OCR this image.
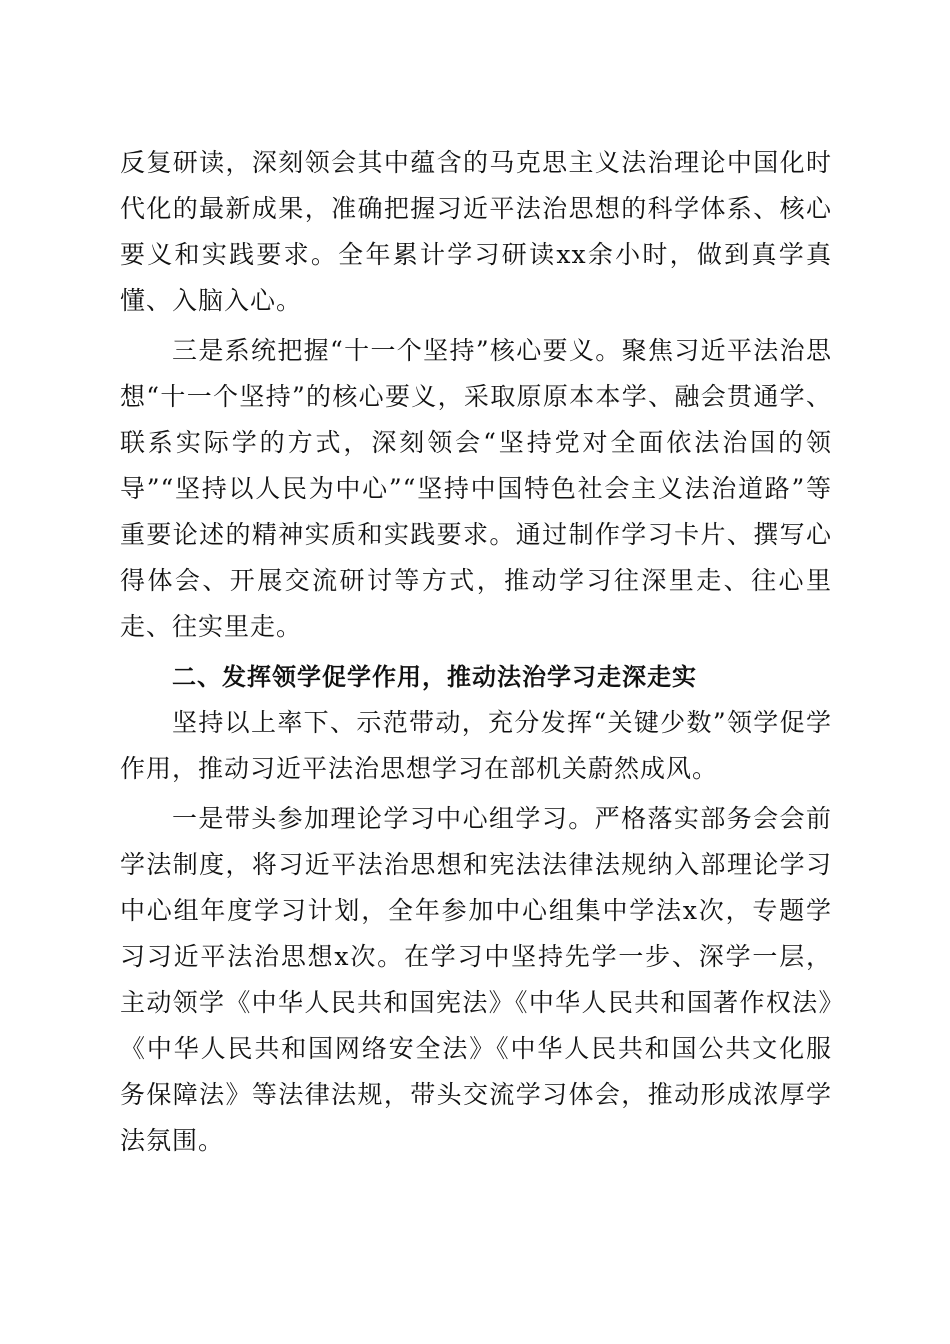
反复研读，深刻领会其中蕴含的马克思主义法治理论中国化时代化的最新成果，准确把握习近平法治思想的科学体系、核心要义和实践要求。全年累计学习研读xx余小时，做到真学真懂、入脑入心。

三是系统把握“十一个坚持”核心要义。聚焦习近平法治思想“十一个坚持”的核心要义，采取原原本本学、融会贯通学、联系实际学的方式，深刻领会“坚持党对全面依法治国的领导”“坚持以人民为中心”“坚持中国特色社会主义法治道路”等重要论述的精神实质和实践要求。通过制作学习卡片、撰写心得体会、开展交流研讨等方式，推动学习往深里走、往心里走、往实里走。

二、发挥领学促学作用，推动法治学习走深走实

坚持以上率下、示范带动，充分发挥“关键少数”领学促学作用，推动习近平法治思想学习在部机关蔚然成风。

一是带头参加理论学习中心组学习。严格落实部务会会前学法制度，将习近平法治思想和宪法法律法规纳入部理论学习中心组年度学习计划，全年参加中心组集中学法x次，专题学习习近平法治思想x次。在学习中坚持先学一步、深学一层，主动领学《中华人民共和国宪法》《中华人民共和国著作权法》《中华人民共和国网络安全法》《中华人民共和国公共文化服务保障法》等法律法规，带头交流学习体会，推动形成浓厚学法氛围。
